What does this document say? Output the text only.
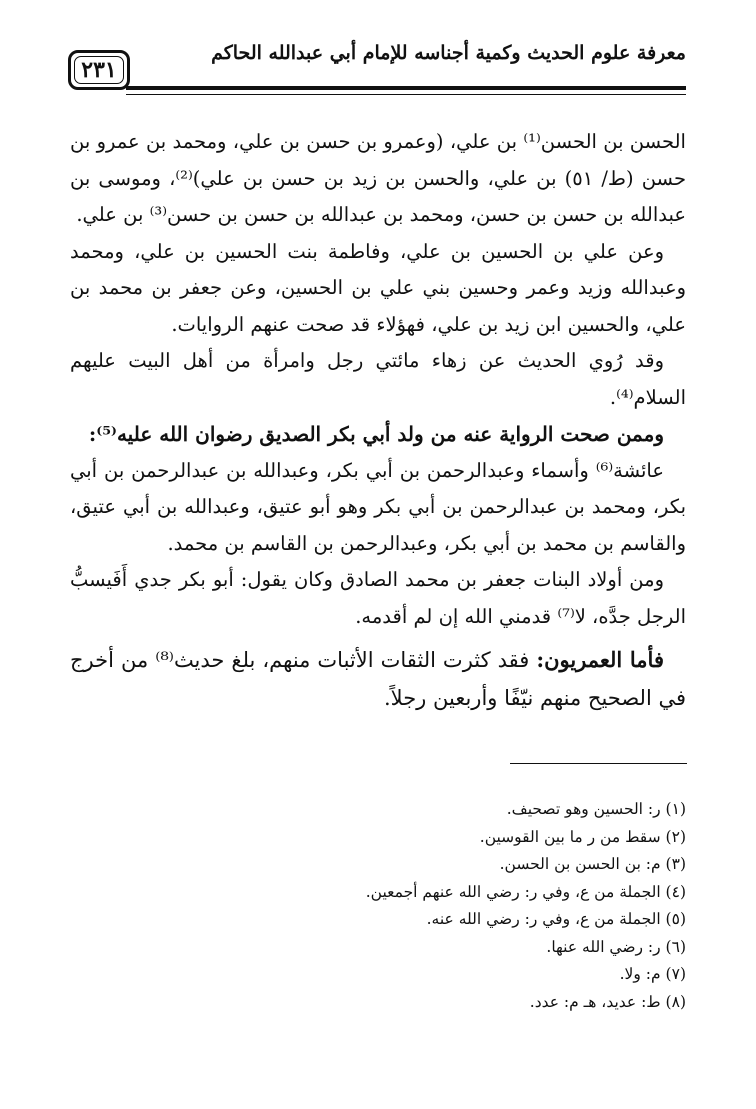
٢٣١
معرفة علوم الحديث وكمية أجناسه للإمام أبي عبدالله الحاكم

الحسن بن الحسن⁽¹⁾ بن علي، (وعمرو بن حسن بن علي، ومحمد بن عمرو بن حسن (ط/ ٥١) بن علي، والحسن بن زيد بن حسن بن علي)⁽²⁾، وموسى بن عبدالله بن حسن بن حسن، ومحمد بن عبدالله بن حسن بن حسن⁽³⁾ بن علي.

وعن علي بن الحسين بن علي، وفاطمة بنت الحسين بن علي، ومحمد وعبدالله وزيد وعمر وحسين بني علي بن الحسين، وعن جعفر بن محمد بن علي، والحسين ابن زيد بن علي، فهؤلاء قد صحت عنهم الروايات.

وقد رُوي الحديث عن زهاء مائتي رجل وامرأة من أهل البيت عليهم السلام⁽⁴⁾.

وممن صحت الرواية عنه من ولد أبي بكر الصديق رضوان الله عليه⁽⁵⁾:

عائشة⁽⁶⁾ وأسماء وعبدالرحمن بن أبي بكر، وعبدالله بن عبدالرحمن بن أبي بكر، ومحمد بن عبدالرحمن بن أبي بكر وهو أبو عتيق، وعبدالله بن أبي عتيق، والقاسم بن محمد بن أبي بكر، وعبدالرحمن بن القاسم بن محمد.

ومن أولاد البنات جعفر بن محمد الصادق وكان يقول: أبو بكر جدي أَفَيسبُّ الرجل جدَّه، لا⁽⁷⁾ قدمني الله إن لم أقدمه.

فأما العمريون: فقد كثرت الثقات الأثبات منهم، بلغ حديث⁽⁸⁾ من أخرج في الصحيح منهم نيّفًا وأربعين رجلاً.

(١) ر: الحسين وهو تصحيف.
(٢) سقط من ر ما بين القوسين.
(٣) م: بن الحسن بن الحسن.
(٤) الجملة من ع، وفي ر: رضي الله عنهم أجمعين.
(٥) الجملة من ع، وفي ر: رضي الله عنه.
(٦) ر: رضي الله عنها.
(٧) م: ولا.
(٨) ط: عديد، هـ م: عدد.
